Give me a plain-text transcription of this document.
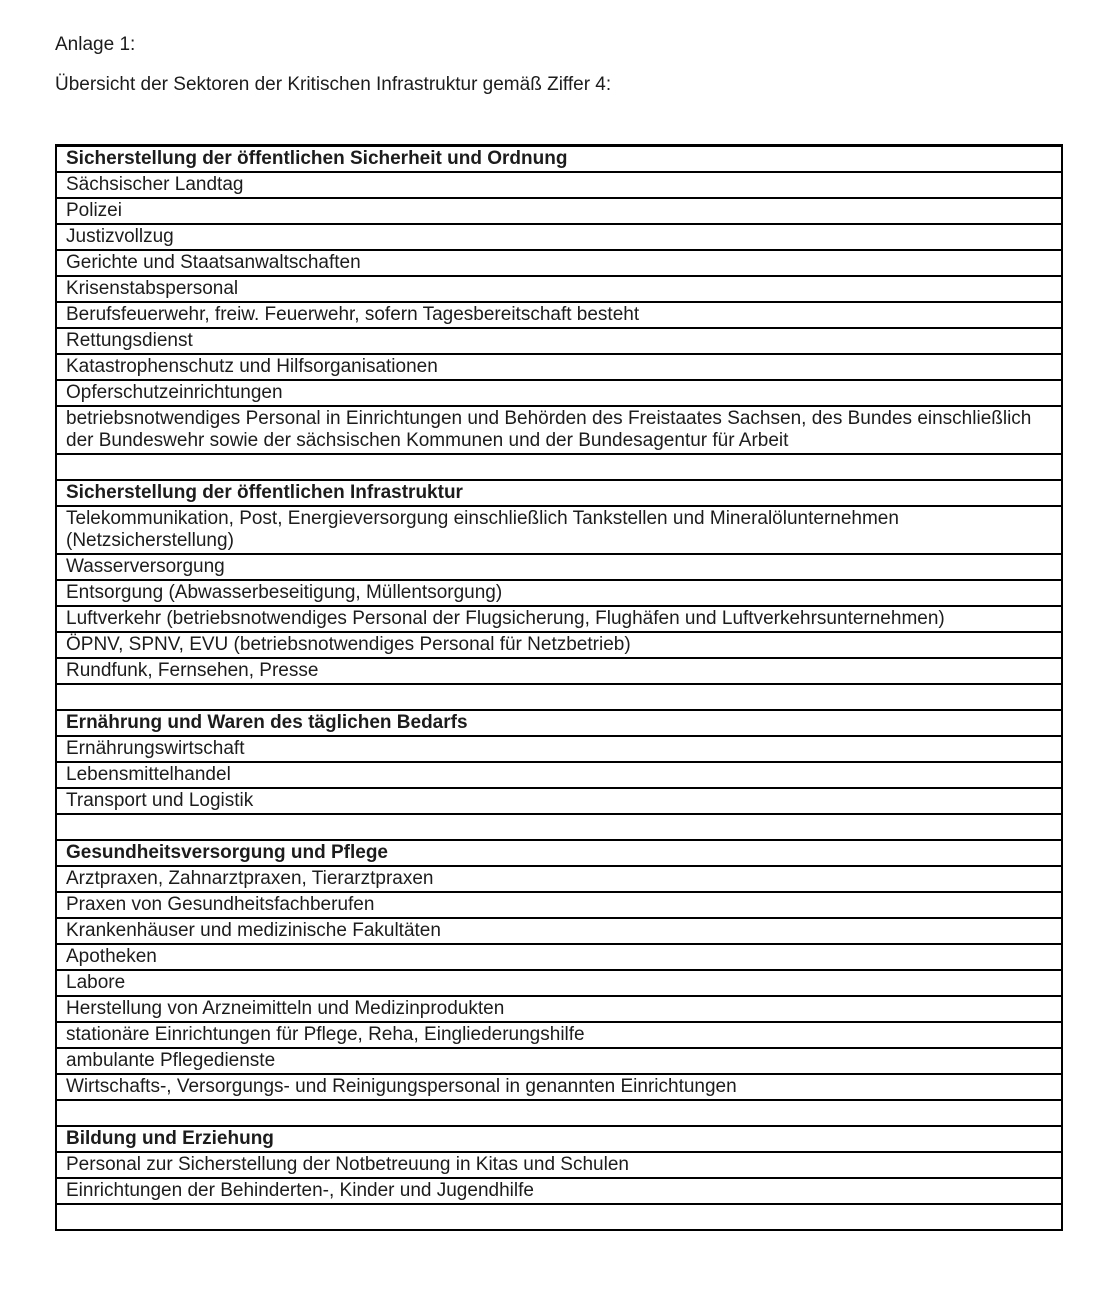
Anlage 1:

Übersicht der Sektoren der Kritischen Infrastruktur gemäß Ziffer 4:

Sicherstellung der öffentlichen Sicherheit und Ordnung
Sächsischer Landtag
Polizei
Justizvollzug
Gerichte und Staatsanwaltschaften
Krisenstabspersonal
Berufsfeuerwehr, freiw. Feuerwehr, sofern Tagesbereitschaft besteht
Rettungsdienst
Katastrophenschutz und Hilfsorganisationen
Opferschutzeinrichtungen
betriebsnotwendiges Personal in Einrichtungen und Behörden des Freistaates Sachsen, des Bundes einschließlich der Bundeswehr sowie der sächsischen Kommunen und der Bundesagentur für Arbeit
Sicherstellung der öffentlichen Infrastruktur
Telekommunikation, Post, Energieversorgung einschließlich Tankstellen und Mineralölunternehmen (Netzsicherstellung)
Wasserversorgung
Entsorgung (Abwasserbeseitigung, Müllentsorgung)
Luftverkehr (betriebsnotwendiges Personal der Flugsicherung, Flughäfen und Luftverkehrsunternehmen)
ÖPNV, SPNV, EVU (betriebsnotwendiges Personal für Netzbetrieb)
Rundfunk, Fernsehen, Presse
Ernährung und Waren des täglichen Bedarfs
Ernährungswirtschaft
Lebensmittelhandel
Transport und Logistik
Gesundheitsversorgung und Pflege
Arztpraxen, Zahnarztpraxen, Tierarztpraxen
Praxen von Gesundheitsfachberufen
Krankenhäuser und medizinische Fakultäten
Apotheken
Labore
Herstellung von Arzneimitteln und Medizinprodukten
stationäre Einrichtungen für Pflege, Reha, Eingliederungshilfe
ambulante Pflegedienste
Wirtschafts-, Versorgungs- und Reinigungspersonal in genannten Einrichtungen
Bildung und Erziehung
Personal zur Sicherstellung der Notbetreuung in Kitas und Schulen
Einrichtungen der Behinderten-, Kinder und Jugendhilfe
